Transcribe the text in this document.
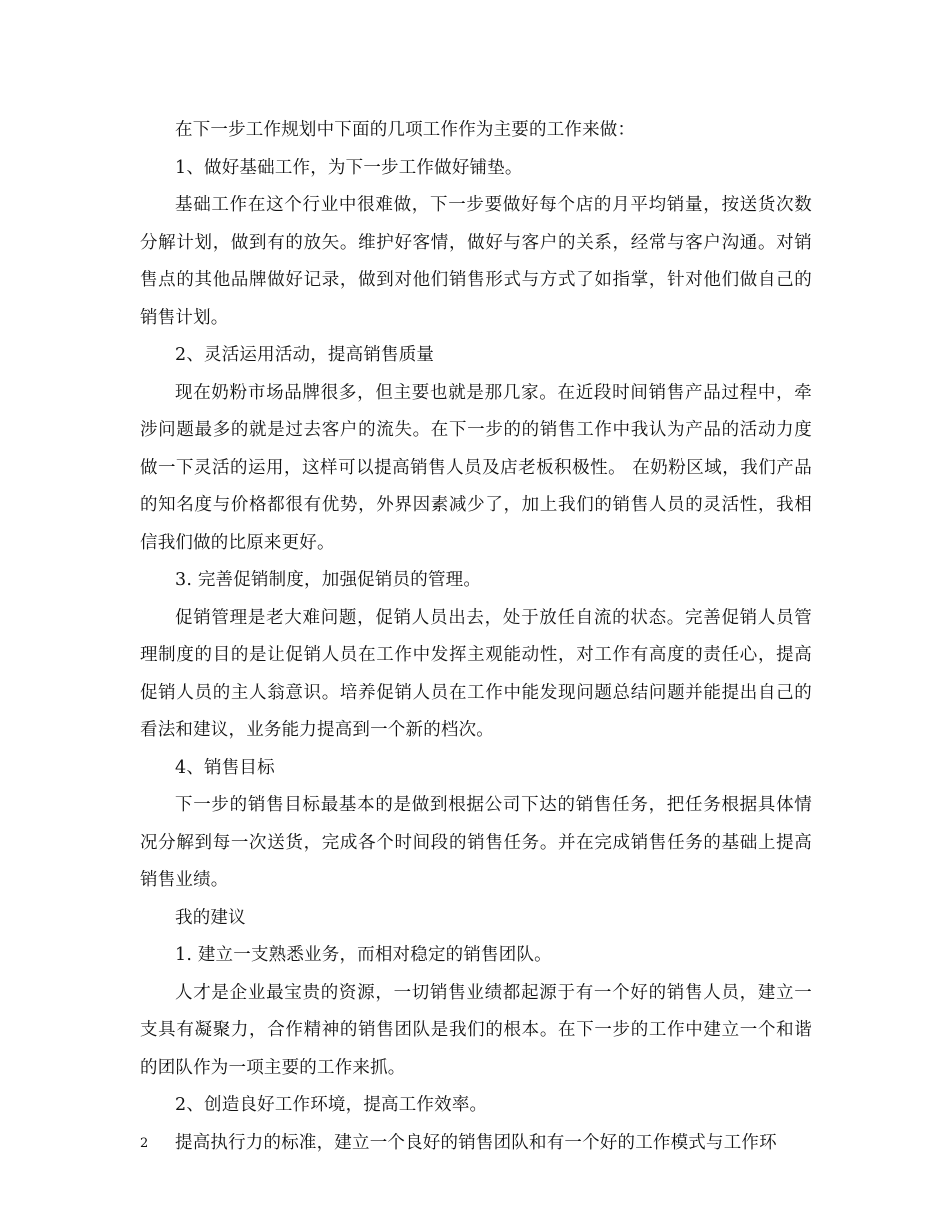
在下一步工作规划中下面的几项工作作为主要的工作来做：

1、做好基础工作，为下一步工作做好铺垫。

基础工作在这个行业中很难做，下一步要做好每个店的月平均销量，按送货次数分解计划，做到有的放矢。维护好客情，做好与客户的关系，经常与客户沟通。对销售点的其他品牌做好记录，做到对他们销售形式与方式了如指掌，针对他们做自己的销售计划。

2、灵活运用活动，提高销售质量

现在奶粉市场品牌很多，但主要也就是那几家。在近段时间销售产品过程中，牵涉问题最多的就是过去客户的流失。在下一步的的销售工作中我认为产品的活动力度做一下灵活的运用，这样可以提高销售人员及店老板积极性。 在奶粉区域，我们产品的知名度与价格都很有优势，外界因素减少了，加上我们的销售人员的灵活性，我相信我们做的比原来更好。

3. 完善促销制度，加强促销员的管理。

促销管理是老大难问题，促销人员出去，处于放任自流的状态。完善促销人员管理制度的目的是让促销人员在工作中发挥主观能动性，对工作有高度的责任心，提高促销人员的主人翁意识。培养促销人员在工作中能发现问题总结问题并能提出自己的看法和建议，业务能力提高到一个新的档次。

4、销售目标

下一步的销售目标最基本的是做到根据公司下达的销售任务，把任务根据具体情况分解到每一次送货，完成各个时间段的销售任务。并在完成销售任务的基础上提高销售业绩。

我的建议

1. 建立一支熟悉业务，而相对稳定的销售团队。

人才是企业最宝贵的资源，一切销售业绩都起源于有一个好的销售人员，建立一支具有凝聚力，合作精神的销售团队是我们的根本。在下一步的工作中建立一个和谐的团队作为一项主要的工作来抓。

2、创造良好工作环境，提高工作效率。

提高执行力的标准，建立一个良好的销售团队和有一个好的工作模式与工作环

2
